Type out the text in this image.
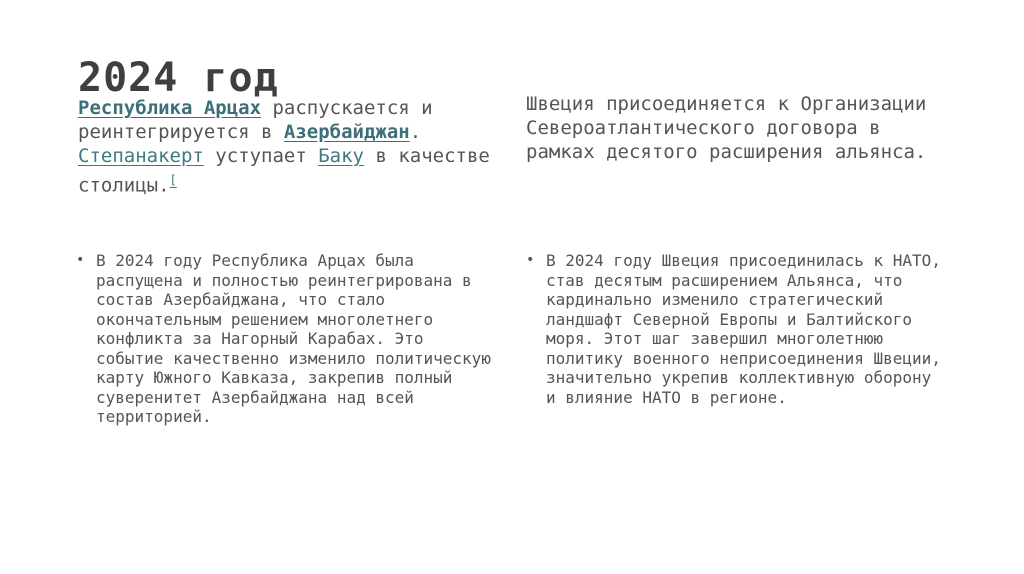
2024 год

Республика Арцах распускается и реинтегрируется в Азербайджан. Степанакерт уступает Баку в качестве столицы.[

Швеция присоединяется к Организации Североатлантического договора в рамках десятого расширения альянса.

• В 2024 году Республика Арцах была распущена и полностью реинтегрирована в состав Азербайджана, что стало окончательным решением многолетнего конфликта за Нагорный Карабах. Это событие качественно изменило политическую карту Южного Кавказа, закрепив полный суверенитет Азербайджана над всей территорией.
• В 2024 году Швеция присоединилась к НАТО, став десятым расширением Альянса, что кардинально изменило стратегический ландшафт Северной Европы и Балтийского моря. Этот шаг завершил многолетнюю политику военного неприсоединения Швеции, значительно укрепив коллективную оборону и влияние НАТО в регионе.
